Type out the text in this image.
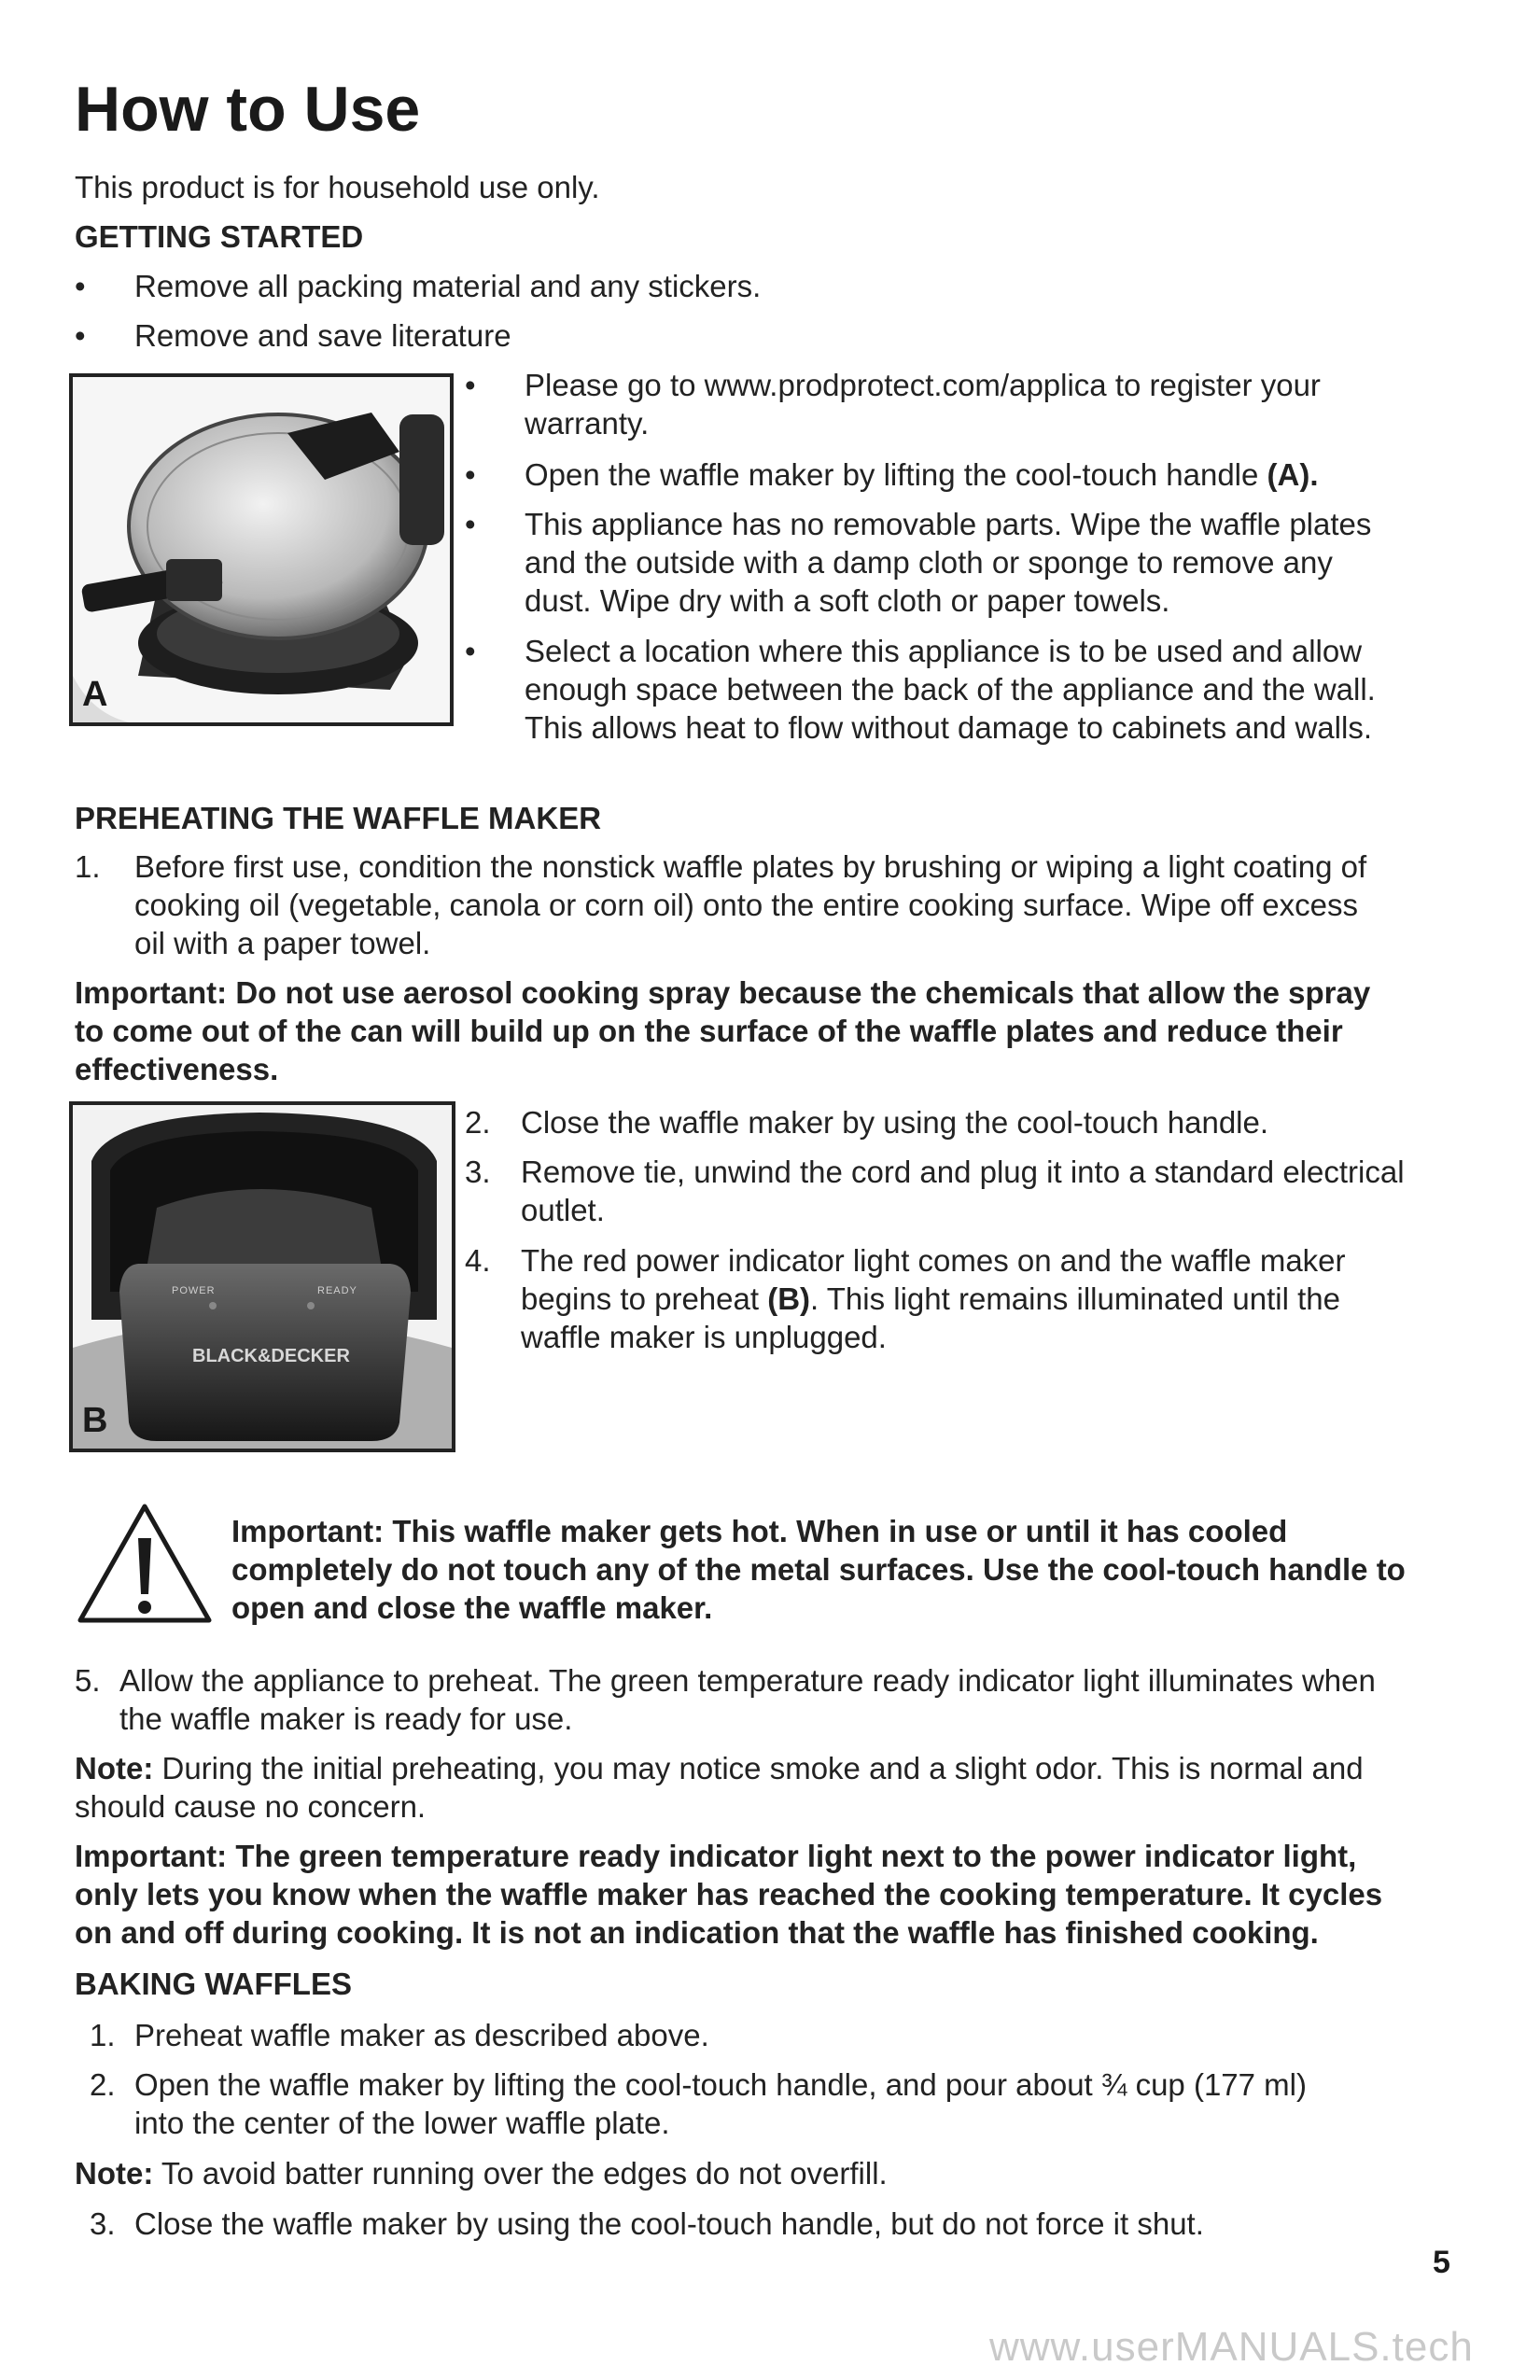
How to Use
This product is for household use only.
GETTING STARTED
•	Remove all packing material and any stickers.
•	Remove and save literature
A
•	Please go to www.prodprotect.com/applica to register your warranty.
•	Open the waffle maker by lifting the cool-touch handle (A).
•	This appliance has no removable parts. Wipe the waffle plates and the outside with a damp cloth or sponge to remove any dust. Wipe dry with a soft cloth or paper towels.
•	Select a location where this appliance is to be used and allow enough space between the back of the appliance and the wall. This allows heat to flow without damage to cabinets and walls.
PREHEATING THE WAFFLE MAKER
1. Before first use, condition the nonstick waffle plates by brushing or wiping a light coating of cooking oil (vegetable, canola or corn oil) onto the entire cooking surface. Wipe off excess oil with a paper towel.
Important: Do not use aerosol cooking spray because the chemicals that allow the spray to come out of the can will build up on the surface of the waffle plates and reduce their effectiveness.
POWER	READY
BLACK&DECKER
B
2. Close the waffle maker by using the cool-touch handle.
3. Remove tie, unwind the cord and plug it into a standard electrical outlet.
4. The red power indicator light comes on and the waffle maker begins to preheat (B). This light remains illuminated until the waffle maker is unplugged.
Important: This waffle maker gets hot. When in use or until it has cooled completely do not touch any of the metal surfaces. Use the cool-touch handle to open and close the waffle maker.
5. Allow the appliance to preheat. The green temperature ready indicator light illuminates when the waffle maker is ready for use.
Note: During the initial preheating, you may notice smoke and a slight odor. This is normal and should cause no concern.
Important: The green temperature ready indicator light next to the power indicator light, only lets you know when the waffle maker has reached the cooking temperature. It cycles on and off during cooking. It is not an indication that the waffle has finished cooking.
BAKING WAFFLES
1. Preheat waffle maker as described above.
2. Open the waffle maker by lifting the cool-touch handle, and pour about ¾ cup (177 ml) into the center of the lower waffle plate.
Note: To avoid batter running over the edges do not overfill.
3. Close the waffle maker by using the cool-touch handle, but do not force it shut.
5
www.userMANUALS.tech
